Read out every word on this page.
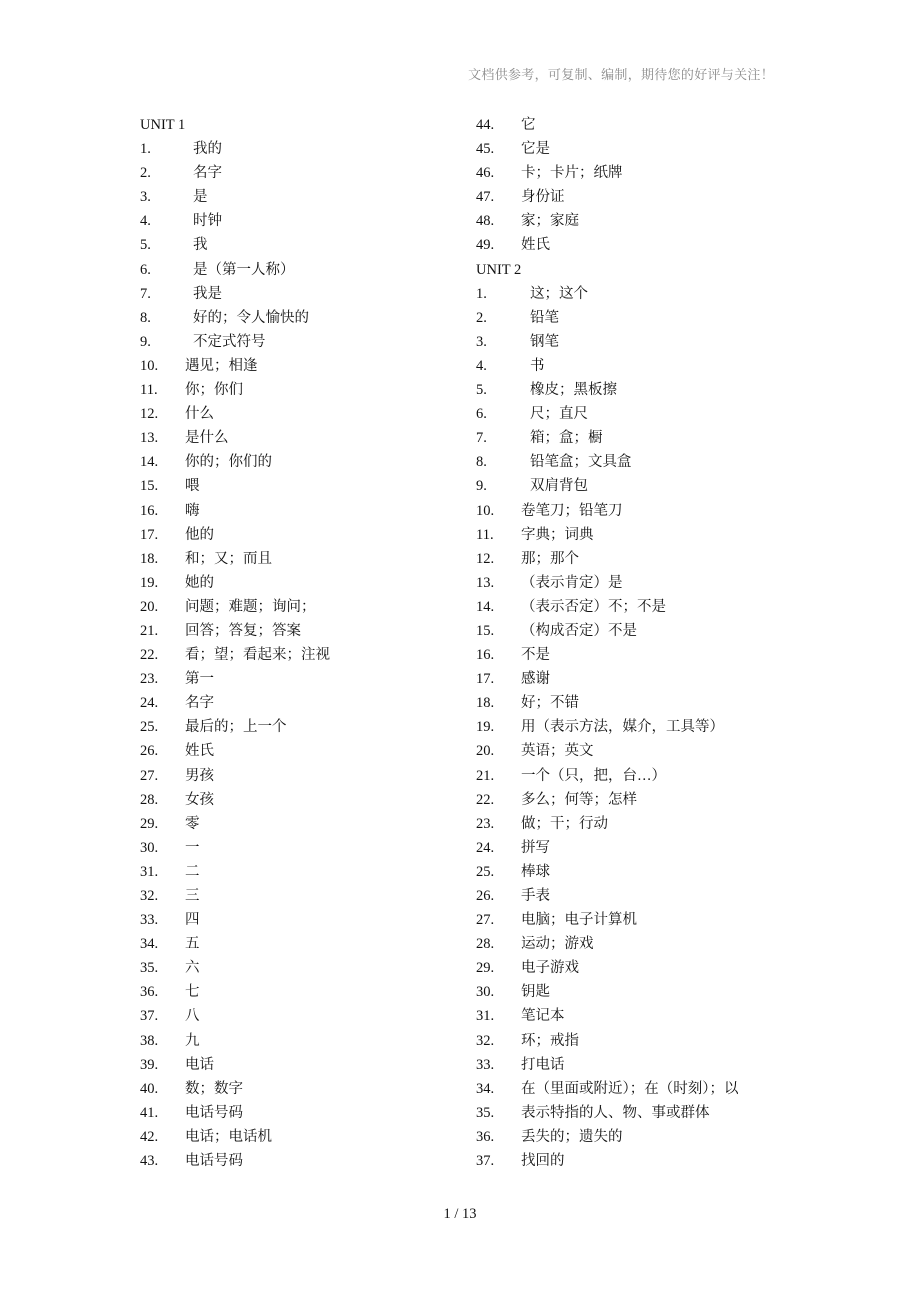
文档供参考，可复制、编制，期待您的好评与关注！
UNIT 1
1.	我的
2.	名字
3.	是
4.	时钟
5.	我
6.	是（第一人称）
7.	我是
8.	好的；令人愉快的
9.	不定式符号
10. 遇见；相逢
11. 你；你们
12. 什么
13. 是什么
14. 你的；你们的
15. 喂
16. 嗨
17. 他的
18. 和；又；而且
19. 她的
20. 问题；难题；询问；
21. 回答；答复；答案
22. 看；望；看起来；注视
23. 第一
24. 名字
25. 最后的；上一个
26. 姓氏
27. 男孩
28. 女孩
29. 零
30. 一
31. 二
32. 三
33. 四
34. 五
35. 六
36. 七
37. 八
38. 九
39. 电话
40. 数；数字
41. 电话号码
42. 电话；电话机
43. 电话号码
44. 它
45. 它是
46. 卡；卡片；纸牌
47. 身份证
48. 家；家庭
49. 姓氏
UNIT 2
1.	这；这个
2.	铅笔
3.	钢笔
4.	书
5.	橡皮；黑板擦
6.	尺；直尺
7.	箱；盒；橱
8.	铅笔盒；文具盒
9.	双肩背包
10. 卷笔刀；铅笔刀
11. 字典；词典
12. 那；那个
13. （表示肯定）是
14. （表示否定）不；不是
15. （构成否定）不是
16. 不是
17. 感谢
18. 好；不错
19. 用（表示方法，媒介，工具等）
20. 英语；英文
21. 一个（只，把，台…）
22. 多么；何等；怎样
23. 做；干；行动
24. 拼写
25. 棒球
26. 手表
27. 电脑；电子计算机
28. 运动；游戏
29. 电子游戏
30. 钥匙
31. 笔记本
32. 环；戒指
33. 打电话
34. 在（里面或附近）；在（时刻）；以
35. 表示特指的人、物、事或群体
36. 丢失的；遗失的
37. 找回的
1 / 13
